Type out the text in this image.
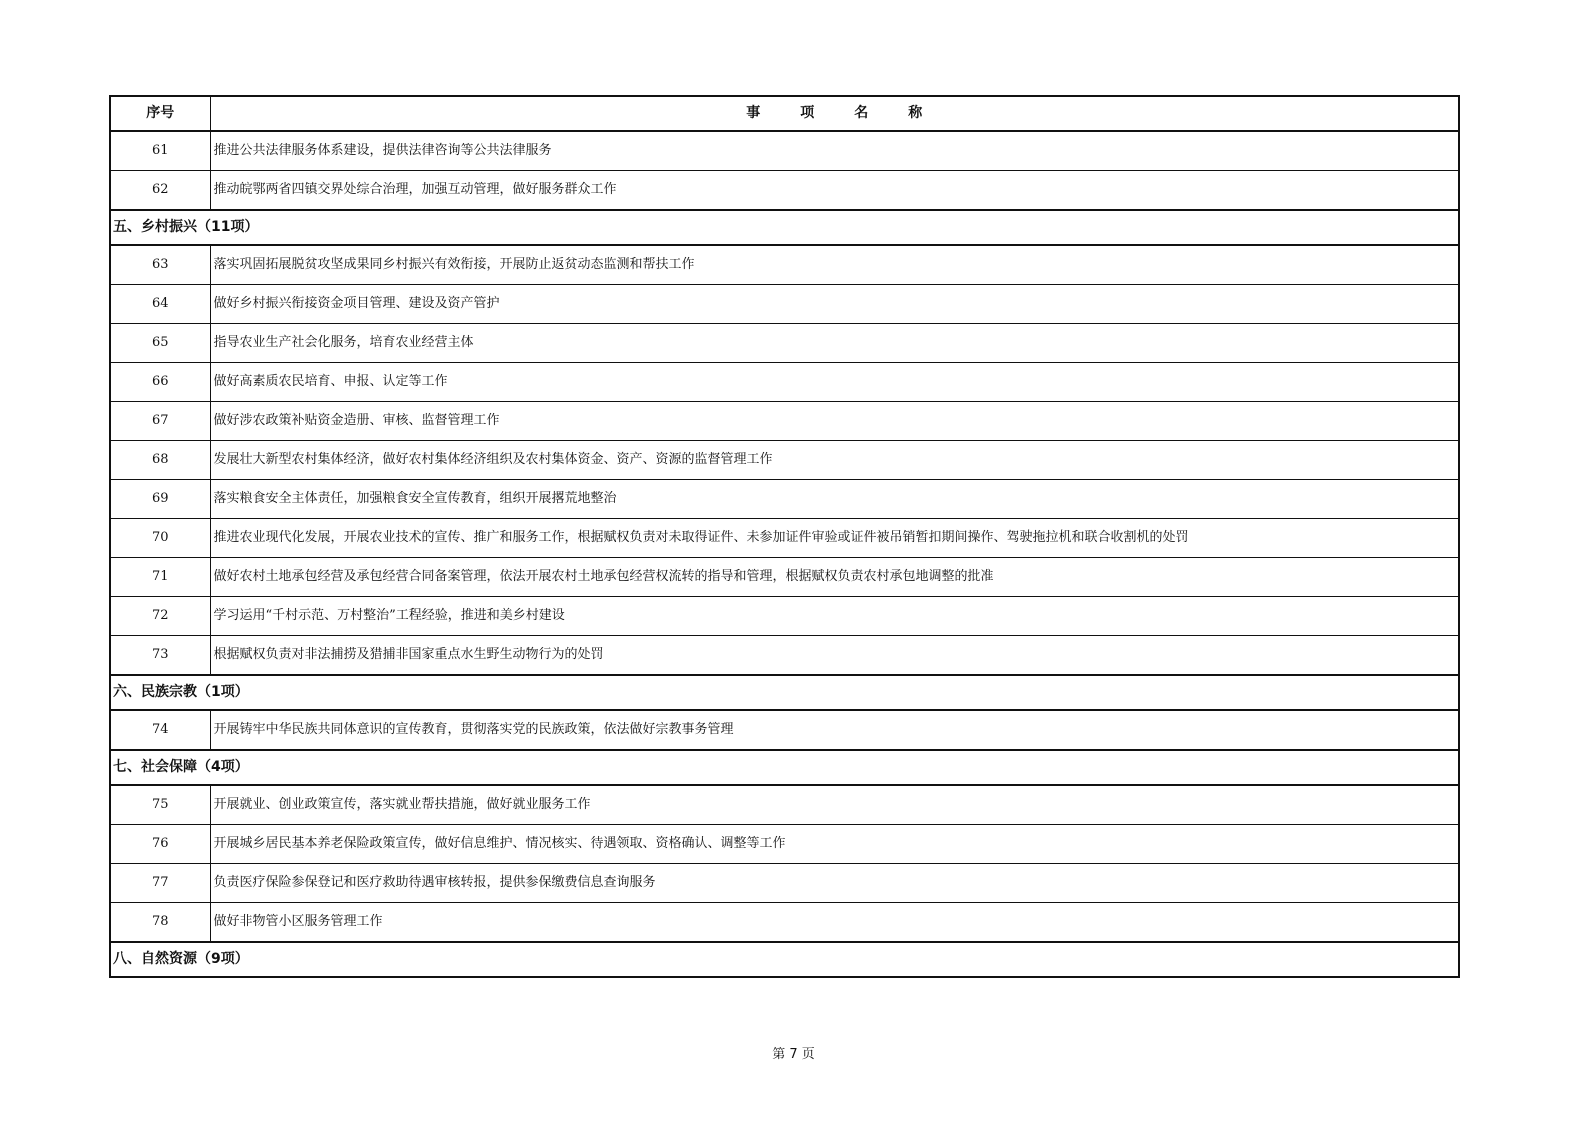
序号	事项名称
61	推进公共法律服务体系建设，提供法律咨询等公共法律服务
62	推动皖鄂两省四镇交界处综合治理，加强互动管理，做好服务群众工作
五、乡村振兴（11项）	
63	落实巩固拓展脱贫攻坚成果同乡村振兴有效衔接，开展防止返贫动态监测和帮扶工作
64	做好乡村振兴衔接资金项目管理、建设及资产管护
65	指导农业生产社会化服务，培育农业经营主体
66	做好高素质农民培育、申报、认定等工作
67	做好涉农政策补贴资金造册、审核、监督管理工作
68	发展壮大新型农村集体经济，做好农村集体经济组织及农村集体资金、资产、资源的监督管理工作
69	落实粮食安全主体责任，加强粮食安全宣传教育，组织开展撂荒地整治
70	推进农业现代化发展，开展农业技术的宣传、推广和服务工作，根据赋权负责对未取得证件、未参加证件审验或证件被吊销暂扣期间操作、驾驶拖拉机和联合收割机的处罚
71	做好农村土地承包经营及承包经营合同备案管理，依法开展农村土地承包经营权流转的指导和管理，根据赋权负责农村承包地调整的批准
72	学习运用“千村示范、万村整治”工程经验，推进和美乡村建设
73	根据赋权负责对非法捕捞及猎捕非国家重点水生野生动物行为的处罚
六、民族宗教（1项）	
74	开展铸牢中华民族共同体意识的宣传教育，贯彻落实党的民族政策，依法做好宗教事务管理
七、社会保障（4项）	
75	开展就业、创业政策宣传，落实就业帮扶措施，做好就业服务工作
76	开展城乡居民基本养老保险政策宣传，做好信息维护、情况核实、待遇领取、资格确认、调整等工作
77	负责医疗保险参保登记和医疗救助待遇审核转报，提供参保缴费信息查询服务
78	做好非物管小区服务管理工作
八、自然资源（9项）	
第 7 页
